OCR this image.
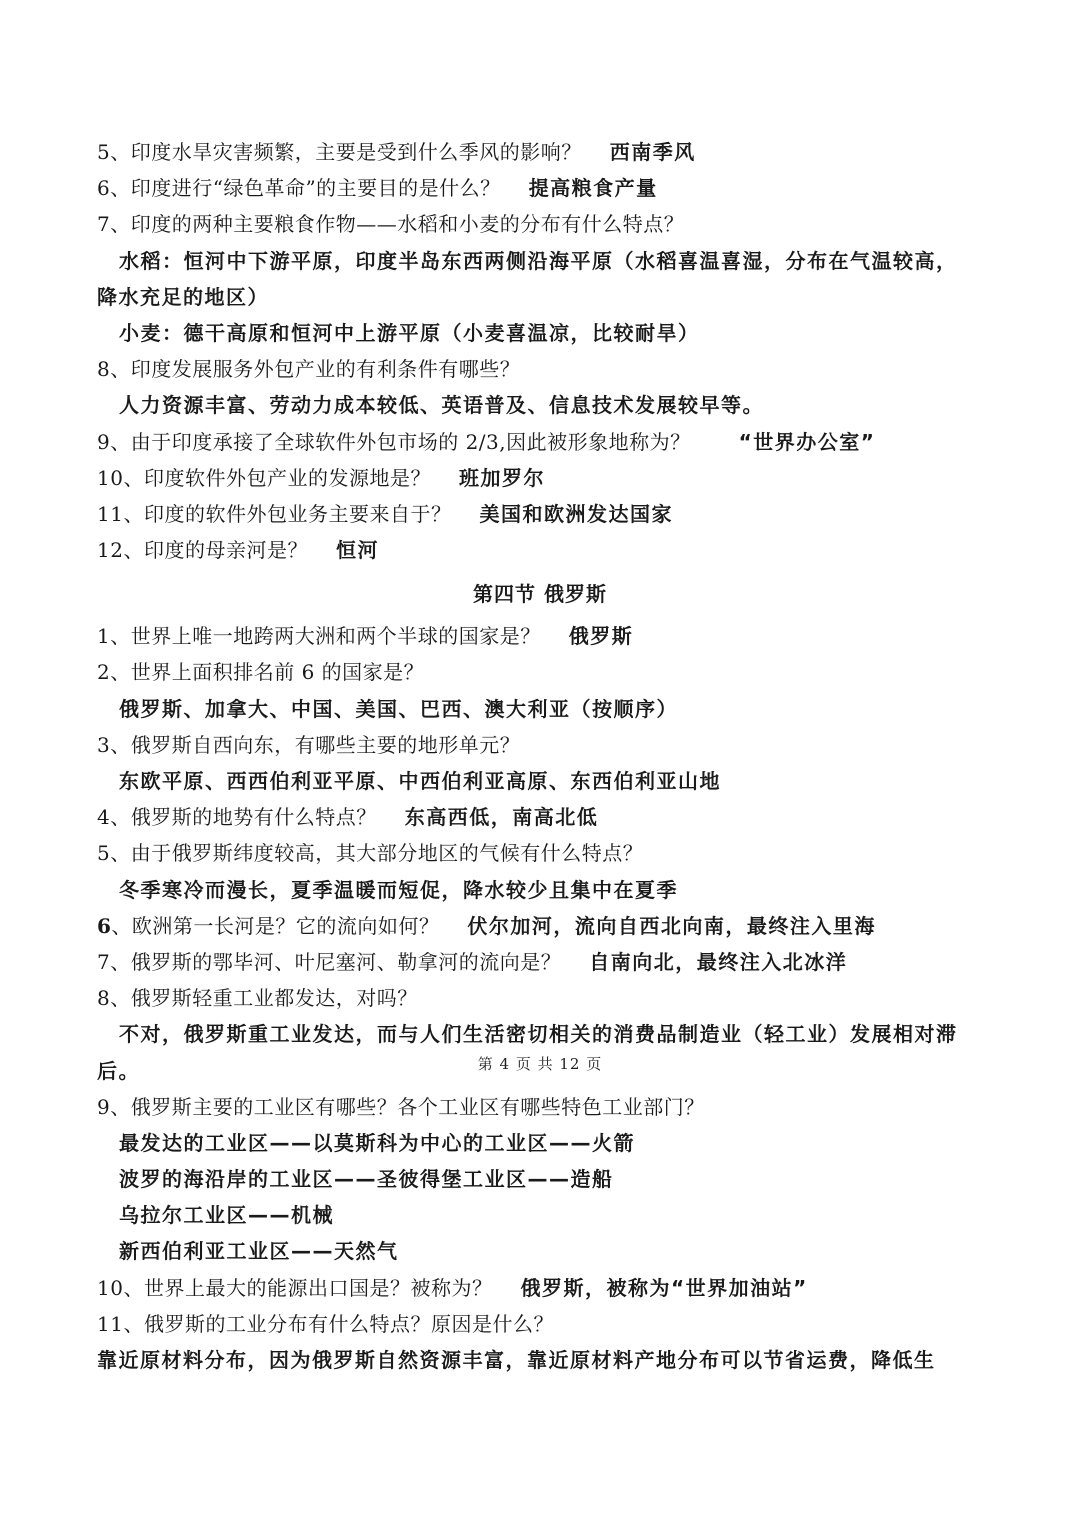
5、印度水旱灾害频繁，主要是受到什么季风的影响？ 西南季风
6、印度进行“绿色革命”的主要目的是什么？ 提高粮食产量
7、印度的两种主要粮食作物——水稻和小麦的分布有什么特点？
水稻：恒河中下游平原，印度半岛东西两侧沿海平原（水稻喜温喜湿，分布在气温较高，
降水充足的地区）
小麦：德干高原和恒河中上游平原（小麦喜温凉，比较耐旱）
8、印度发展服务外包产业的有利条件有哪些？
人力资源丰富、劳动力成本较低、英语普及、信息技术发展较早等。
9、由于印度承接了全球软件外包市场的 2/3,因此被形象地称为？ “世界办公室”
10、印度软件外包产业的发源地是？ 班加罗尔
11、印度的软件外包业务主要来自于？ 美国和欧洲发达国家
12、印度的母亲河是？ 恒河
第四节 俄罗斯
1、世界上唯一地跨两大洲和两个半球的国家是？ 俄罗斯
2、世界上面积排名前 6 的国家是？
俄罗斯、加拿大、中国、美国、巴西、澳大利亚（按顺序）
3、俄罗斯自西向东，有哪些主要的地形单元？
东欧平原、西西伯利亚平原、中西伯利亚高原、东西伯利亚山地
4、俄罗斯的地势有什么特点？ 东高西低，南高北低
5、由于俄罗斯纬度较高，其大部分地区的气候有什么特点？
冬季寒冷而漫长，夏季温暖而短促，降水较少且集中在夏季
6、欧洲第一长河是？它的流向如何？ 伏尔加河，流向自西北向南，最终注入里海
7、俄罗斯的鄂毕河、叶尼塞河、勒拿河的流向是？ 自南向北，最终注入北冰洋
8、俄罗斯轻重工业都发达，对吗？
不对，俄罗斯重工业发达，而与人们生活密切相关的消费品制造业（轻工业）发展相对滞
后。
9、俄罗斯主要的工业区有哪些？各个工业区有哪些特色工业部门？
最发达的工业区——以莫斯科为中心的工业区——火箭
波罗的海沿岸的工业区——圣彼得堡工业区——造船
乌拉尔工业区——机械
新西伯利亚工业区——天然气
10、世界上最大的能源出口国是？被称为？ 俄罗斯，被称为“世界加油站”
11、俄罗斯的工业分布有什么特点？原因是什么？
靠近原材料分布，因为俄罗斯自然资源丰富，靠近原材料产地分布可以节省运费，降低生
第 4 页 共 12 页
